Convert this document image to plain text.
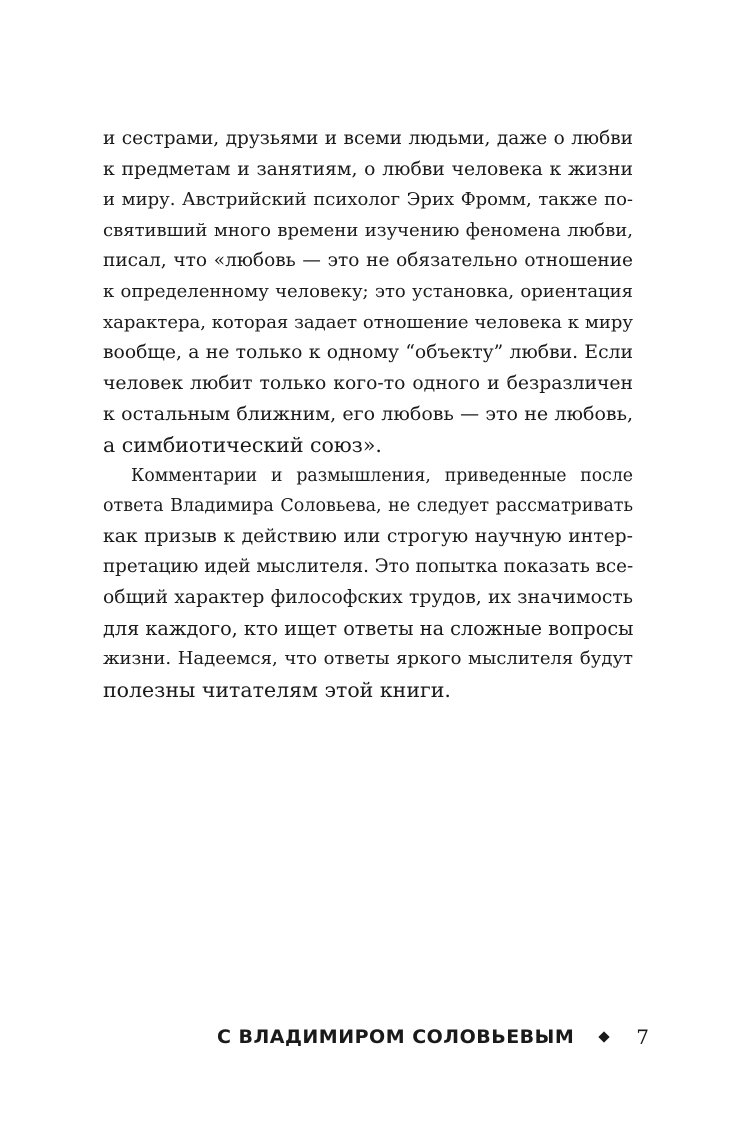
и сестрами, друзьями и всеми людьми, даже о любви
к предметам и занятиям, о любви человека к жизни
и миру. Австрийский психолог Эрих Фромм, также по-
святивший много времени изучению феномена любви,
писал, что «любовь — это не обязательно отношение
к определенному человеку; это установка, ориентация
характера, которая задает отношение человека к миру
вообще, а не только к одному “объекту” любви. Если
человек любит только кого-то одного и безразличен
к остальным ближним, его любовь — это не любовь,
а симбиотический союз».

Комментарии и размышления, приведенные после
ответа Владимира Соловьева, не следует рассматривать
как призыв к действию или строгую научную интер-
претацию идей мыслителя. Это попытка показать все-
общий характер философских трудов, их значимость
для каждого, кто ищет ответы на сложные вопросы
жизни. Надеемся, что ответы яркого мыслителя будут
полезны читателям этой книги.

С ВЛАДИМИРОМ СОЛОВЬЕВЫМ	7
